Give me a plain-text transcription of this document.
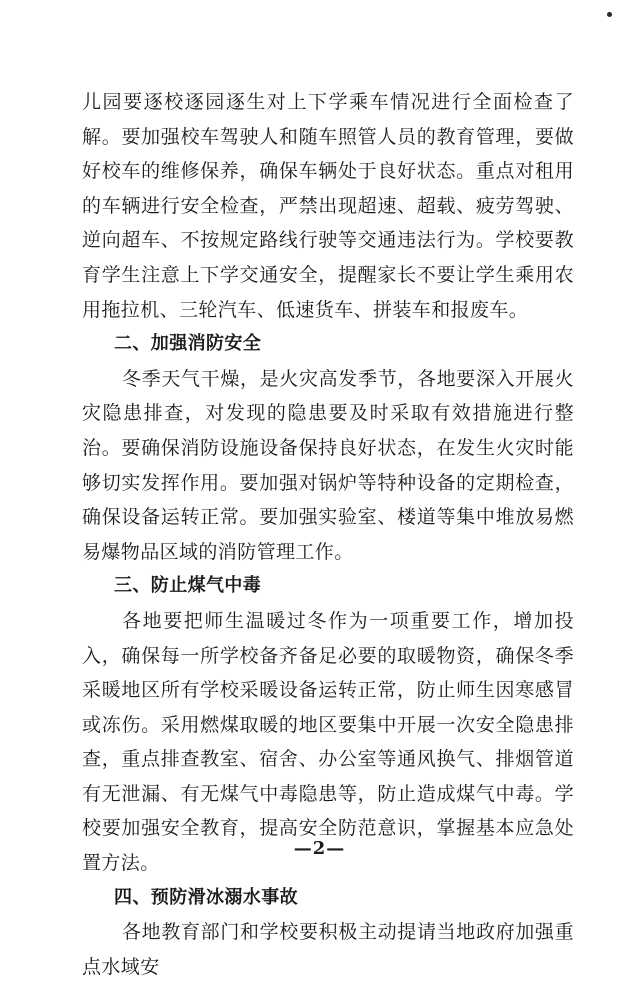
儿园要逐校逐园逐生对上下学乘车情况进行全面检查了解。要加强校车驾驶人和随车照管人员的教育管理，要做好校车的维修保养，确保车辆处于良好状态。重点对租用的车辆进行安全检查，严禁出现超速、超载、疲劳驾驶、逆向超车、不按规定路线行驶等交通违法行为。学校要教育学生注意上下学交通安全，提醒家长不要让学生乘用农用拖拉机、三轮汽车、低速货车、拼装车和报废车。

二、加强消防安全

冬季天气干燥，是火灾高发季节，各地要深入开展火灾隐患排查，对发现的隐患要及时采取有效措施进行整治。要确保消防设施设备保持良好状态，在发生火灾时能够切实发挥作用。要加强对锅炉等特种设备的定期检查，确保设备运转正常。要加强实验室、楼道等集中堆放易燃易爆物品区域的消防管理工作。

三、防止煤气中毒

各地要把师生温暖过冬作为一项重要工作，增加投入，确保每一所学校备齐备足必要的取暖物资，确保冬季采暖地区所有学校采暖设备运转正常，防止师生因寒感冒或冻伤。采用燃煤取暖的地区要集中开展一次安全隐患排查，重点排查教室、宿舍、办公室等通风换气、排烟管道有无泄漏、有无煤气中毒隐患等，防止造成煤气中毒。学校要加强安全教育，提高安全防范意识，掌握基本应急处置方法。

四、预防滑冰溺水事故

各地教育部门和学校要积极主动提请当地政府加强重点水域安

—2—
